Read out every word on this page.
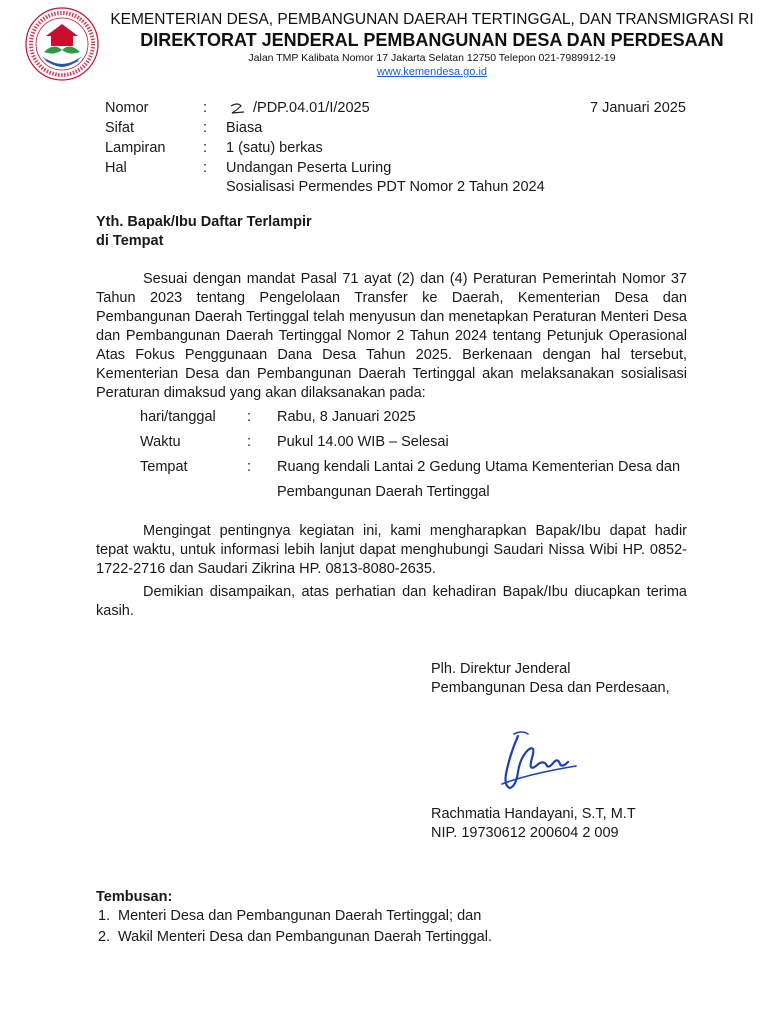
KEMENTERIAN DESA, PEMBANGUNAN DAERAH TERTINGGAL, DAN TRANSMIGRASI RI
DIREKTORAT JENDERAL PEMBANGUNAN DESA DAN PERDESAAN
Jalan TMP Kalibata Nomor 17 Jakarta Selatan 12750 Telepon 021-7989912-19
www.kemendesa.go.id
Nomor	:	/PDP.04.01/I/2025	7 Januari 2025
Sifat	: Biasa
Lampiran	: 1 (satu) berkas
Hal	: Undangan Peserta Luring
Sosialisasi Permendes PDT Nomor 2 Tahun 2024
Yth. Bapak/Ibu Daftar Terlampir
di Tempat
Sesuai dengan mandat Pasal 71 ayat (2) dan (4) Peraturan Pemerintah Nomor 37
Tahun 2023 tentang Pengelolaan Transfer ke Daerah, Kementerian Desa dan
Pembangunan Daerah Tertinggal telah menyusun dan menetapkan Peraturan Menteri Desa
dan Pembangunan Daerah Tertinggal Nomor 2 Tahun 2024 tentang Petunjuk Operasional
Atas Fokus Penggunaan Dana Desa Tahun 2025. Berkenaan dengan hal tersebut,
Kementerian Desa dan Pembangunan Daerah Tertinggal akan melaksanakan sosialisasi
Peraturan dimaksud yang akan dilaksanakan pada:
hari/tanggal : Rabu, 8 Januari 2025
Waktu	: Pukul 14.00 WIB – Selesai
Tempat	: Ruang kendali Lantai 2 Gedung Utama Kementerian Desa dan
Pembangunan Daerah Tertinggal
Mengingat pentingnya kegiatan ini, kami mengharapkan Bapak/Ibu dapat hadir
tepat waktu, untuk informasi lebih lanjut dapat menghubungi Saudari Nissa Wibi HP. 0852-
1722-2716 dan Saudari Zikrina HP. 0813-8080-2635.
Demikian disampaikan, atas perhatian dan kehadiran Bapak/Ibu diucapkan terima
kasih.
Plh. Direktur Jenderal
Pembangunan Desa dan Perdesaan,
Rachmatia Handayani, S.T, M.T
NIP. 19730612 200604 2 009
Tembusan:
1. Menteri Desa dan Pembangunan Daerah Tertinggal; dan
2. Wakil Menteri Desa dan Pembangunan Daerah Tertinggal.
